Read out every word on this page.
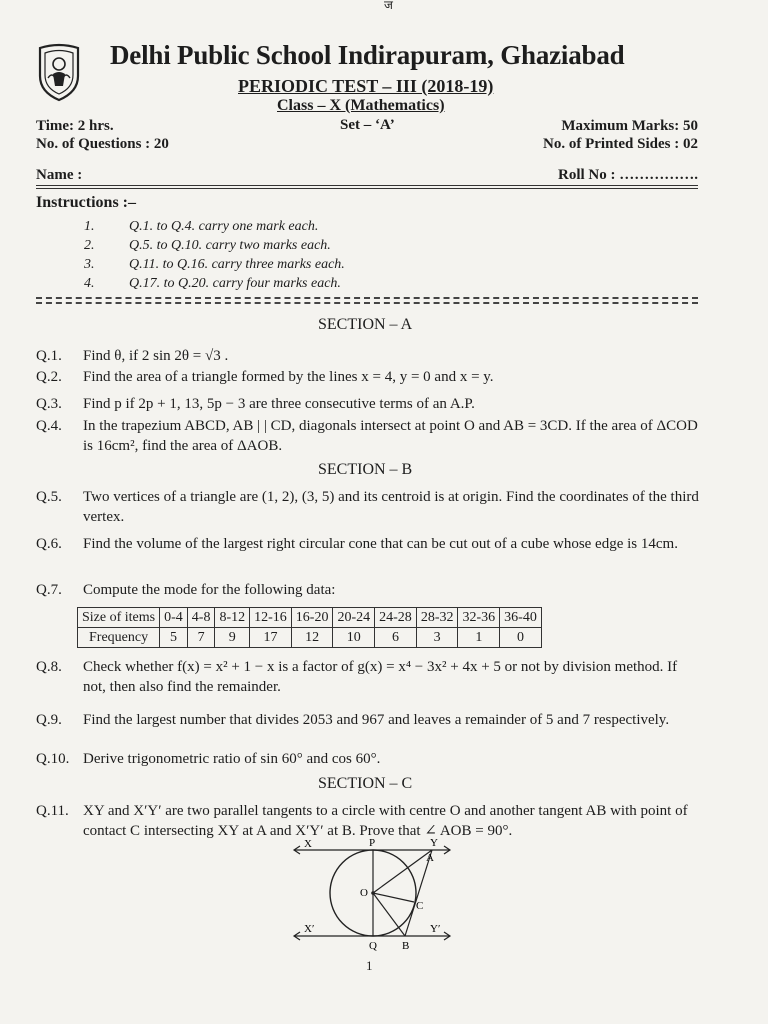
ज
Delhi Public School Indirapuram, Ghaziabad
PERIODIC TEST – III (2018-19)
Class – X (Mathematics)
Time: 2 hrs.	Set – ‘A’	Maximum Marks: 50
No. of Questions : 20	No. of Printed Sides : 02
Name :	Roll No : …………….
Instructions :–
1. Q.1. to Q.4. carry one mark each.
2. Q.5. to Q.10. carry two marks each.
3. Q.11. to Q.16. carry three marks each.
4. Q.17. to Q.20. carry four marks each.
SECTION – A
Q.1. Find θ, if 2 sin 2θ = √3 .
Q.2. Find the area of a triangle formed by the lines x = 4, y = 0 and x = y.
Q.3. Find p if 2p + 1, 13, 5p − 3 are three consecutive terms of an A.P.
Q.4. In the trapezium ABCD, AB | | CD, diagonals intersect at point O and AB = 3CD. If the area of ΔCOD is 16cm², find the area of ΔAOB.
SECTION – B
Q.5. Two vertices of a triangle are (1, 2), (3, 5) and its centroid is at origin. Find the coordinates of the third vertex.
Q.6. Find the volume of the largest right circular cone that can be cut out of a cube whose edge is 14cm.
Q.7. Compute the mode for the following data:
Size of items	0-4	4-8	8-12	12-16	16-20	20-24	24-28	28-32	32-36	36-40
Frequency	5	7	9	17	12	10	6	3	1	0
Q.8. Check whether f(x) = x² + 1 − x is a factor of g(x) = x⁴ − 3x² + 4x + 5 or not by division method. If not, then also find the remainder.
Q.9. Find the largest number that divides 2053 and 967 and leaves a remainder of 5 and 7 respectively.
Q.10. Derive trigonometric ratio of sin 60° and cos 60°.
SECTION – C
Q.11. XY and X′Y′ are two parallel tangents to a circle with centre O and another tangent AB with point of contact C intersecting XY at A and X′Y′ at B. Prove that ∠ AOB = 90°.
X	P	Y
A
O
C
X′
Q B
Y′
1
